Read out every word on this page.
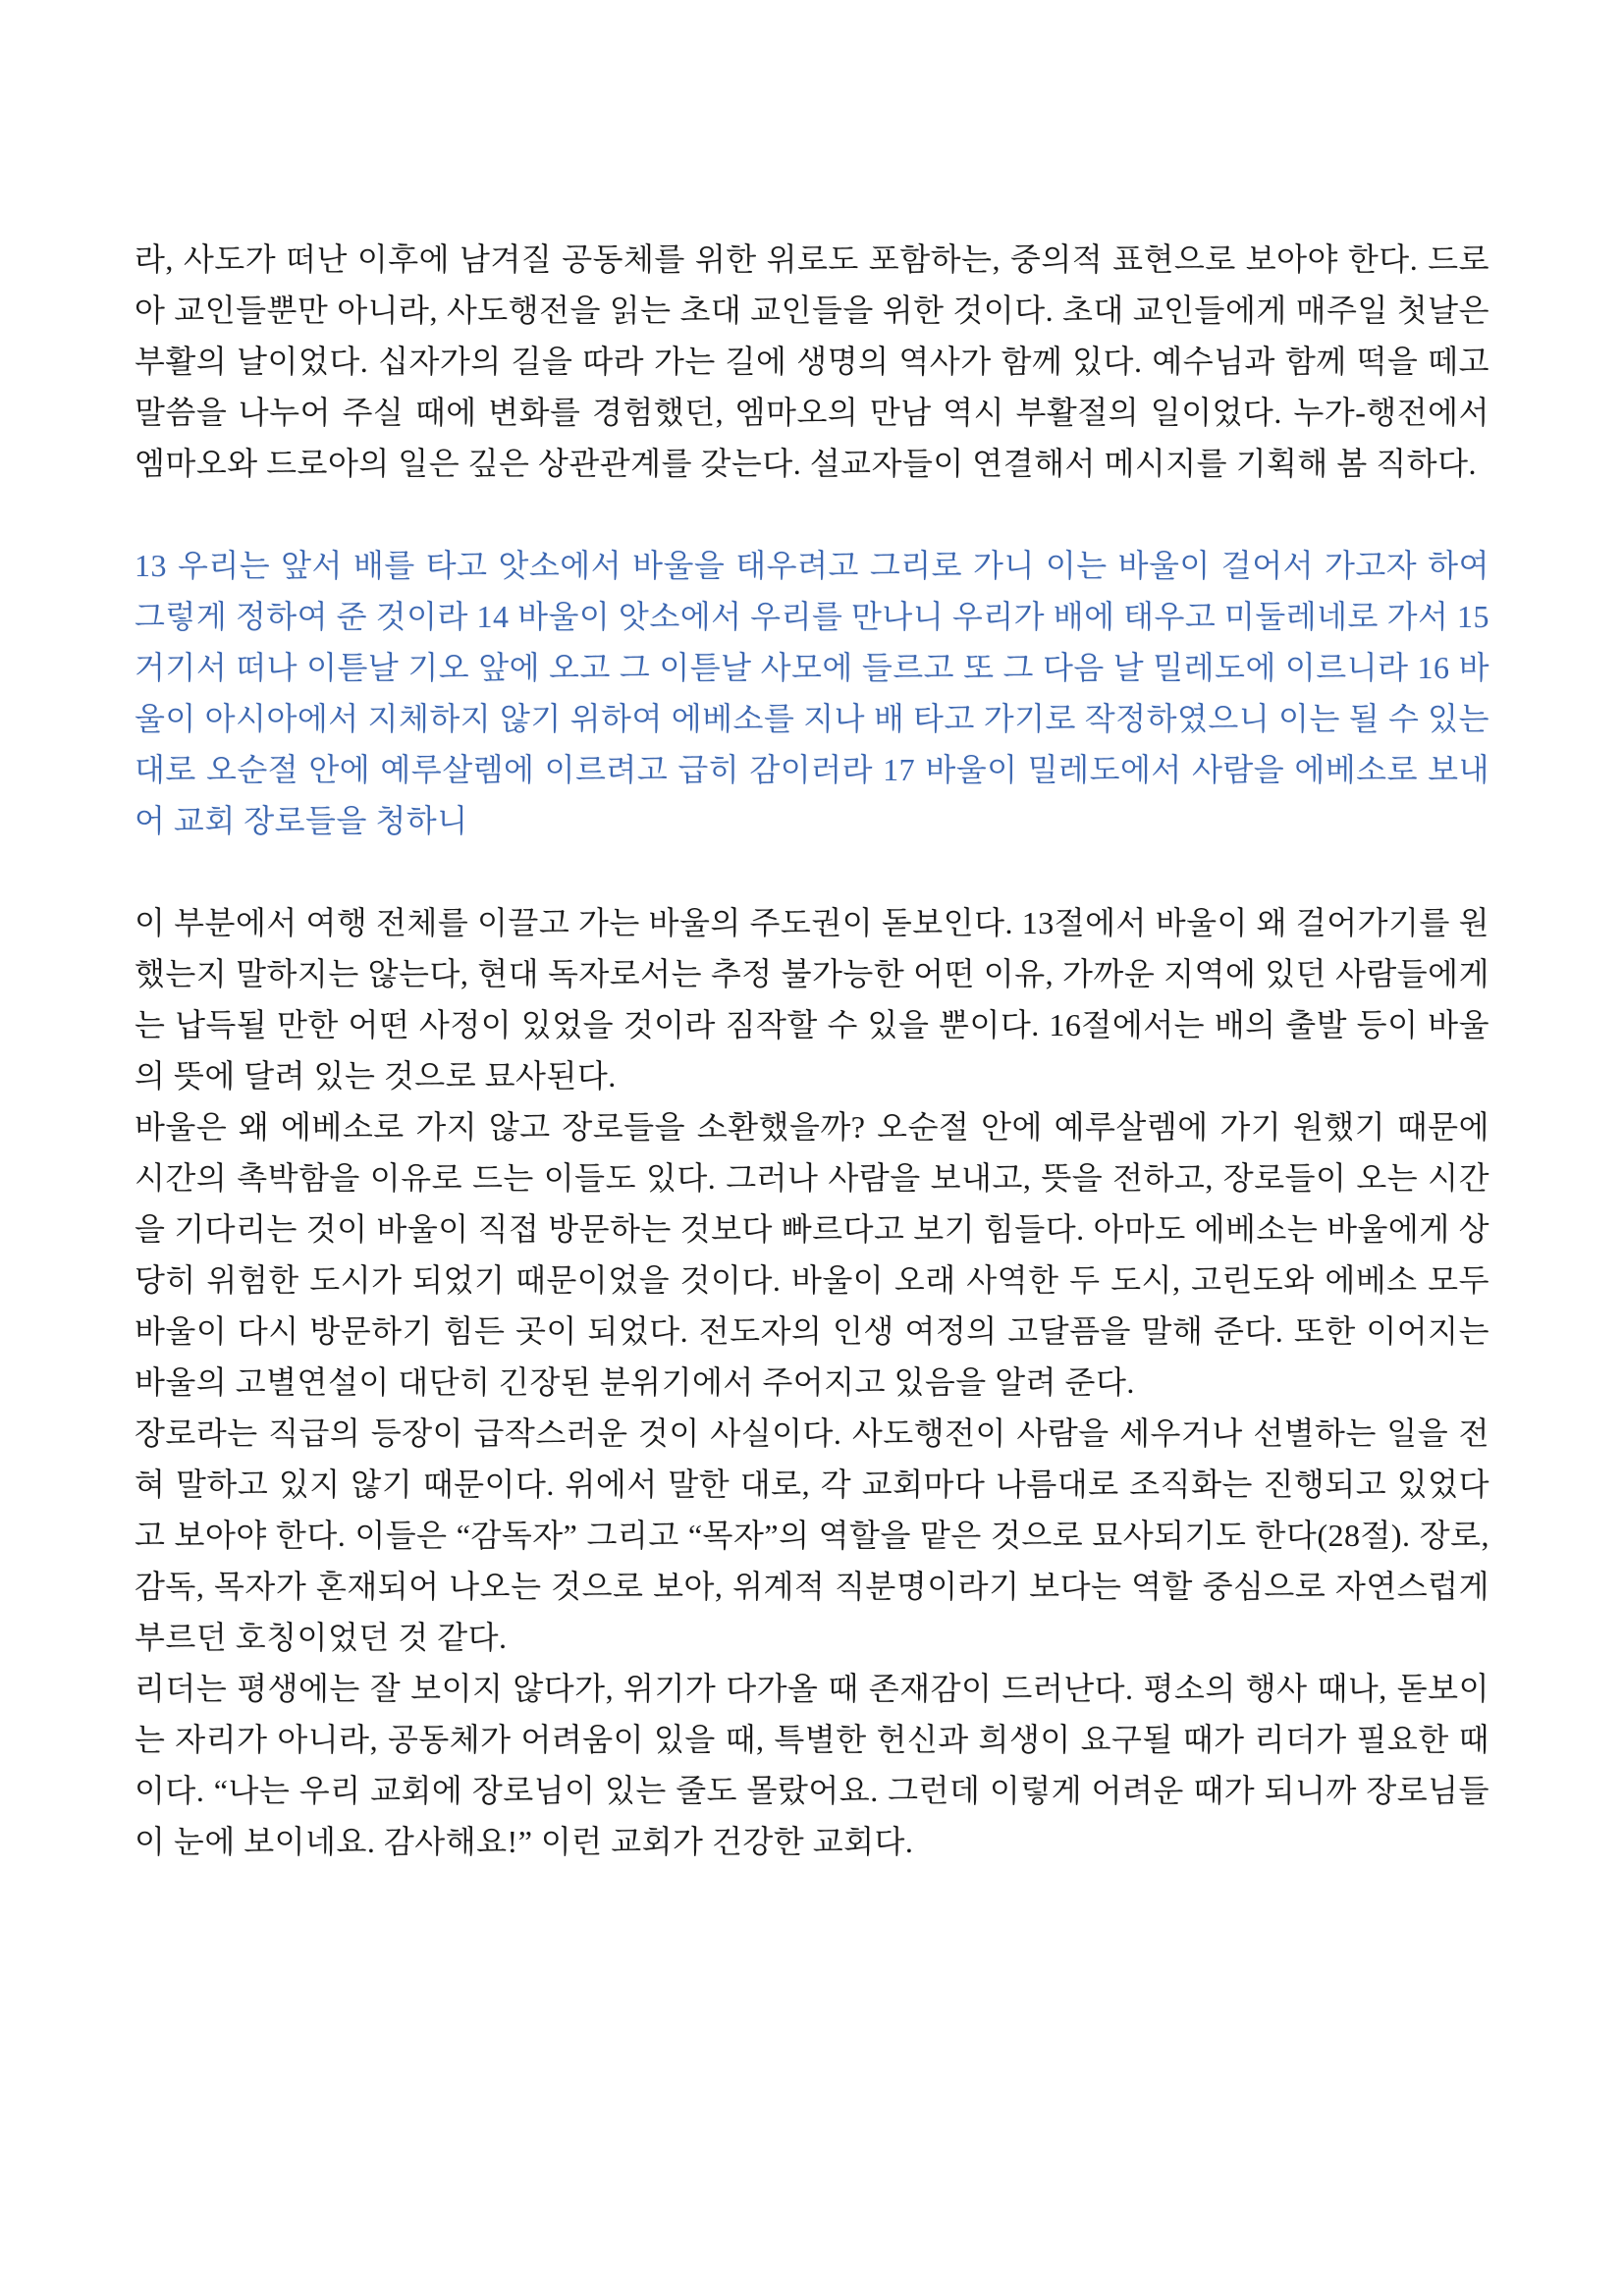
라, 사도가 떠난 이후에 남겨질 공동체를 위한 위로도 포함하는, 중의적 표현으로 보아야 한다. 드로아 교인들뿐만 아니라, 사도행전을 읽는 초대 교인들을 위한 것이다. 초대 교인들에게 매주일 첫날은 부활의 날이었다. 십자가의 길을 따라 가는 길에 생명의 역사가 함께 있다. 예수님과 함께 떡을 떼고 말씀을 나누어 주실 때에 변화를 경험했던, 엠마오의 만남 역시 부활절의 일이었다. 누가-행전에서 엠마오와 드로아의 일은 깊은 상관관계를 갖는다. 설교자들이 연결해서 메시지를 기획해 봄 직하다.

13 우리는 앞서 배를 타고 앗소에서 바울을 태우려고 그리로 가니 이는 바울이 걸어서 가고자 하여 그렇게 정하여 준 것이라 14 바울이 앗소에서 우리를 만나니 우리가 배에 태우고 미둘레네로 가서 15 거기서 떠나 이튿날 기오 앞에 오고 그 이튿날 사모에 들르고 또 그 다음 날 밀레도에 이르니라 16 바울이 아시아에서 지체하지 않기 위하여 에베소를 지나 배 타고 가기로 작정하였으니 이는 될 수 있는 대로 오순절 안에 예루살렘에 이르려고 급히 감이러라 17 바울이 밀레도에서 사람을 에베소로 보내어 교회 장로들을 청하니

이 부분에서 여행 전체를 이끌고 가는 바울의 주도권이 돋보인다. 13절에서 바울이 왜 걸어가기를 원했는지 말하지는 않는다, 현대 독자로서는 추정 불가능한 어떤 이유, 가까운 지역에 있던 사람들에게는 납득될 만한 어떤 사정이 있었을 것이라 짐작할 수 있을 뿐이다. 16절에서는 배의 출발 등이 바울의 뜻에 달려 있는 것으로 묘사된다.

바울은 왜 에베소로 가지 않고 장로들을 소환했을까? 오순절 안에 예루살렘에 가기 원했기 때문에 시간의 촉박함을 이유로 드는 이들도 있다. 그러나 사람을 보내고, 뜻을 전하고, 장로들이 오는 시간을 기다리는 것이 바울이 직접 방문하는 것보다 빠르다고 보기 힘들다. 아마도 에베소는 바울에게 상당히 위험한 도시가 되었기 때문이었을 것이다. 바울이 오래 사역한 두 도시, 고린도와 에베소 모두 바울이 다시 방문하기 힘든 곳이 되었다. 전도자의 인생 여정의 고달픔을 말해 준다. 또한 이어지는 바울의 고별연설이 대단히 긴장된 분위기에서 주어지고 있음을 알려 준다.

장로라는 직급의 등장이 급작스러운 것이 사실이다. 사도행전이 사람을 세우거나 선별하는 일을 전혀 말하고 있지 않기 때문이다. 위에서 말한 대로, 각 교회마다 나름대로 조직화는 진행되고 있었다고 보아야 한다. 이들은 “감독자” 그리고 “목자”의 역할을 맡은 것으로 묘사되기도 한다(28절). 장로, 감독, 목자가 혼재되어 나오는 것으로 보아, 위계적 직분명이라기 보다는 역할 중심으로 자연스럽게 부르던 호칭이었던 것 같다.

리더는 평생에는 잘 보이지 않다가, 위기가 다가올 때 존재감이 드러난다. 평소의 행사 때나, 돋보이는 자리가 아니라, 공동체가 어려움이 있을 때, 특별한 헌신과 희생이 요구될 때가 리더가 필요한 때이다. “나는 우리 교회에 장로님이 있는 줄도 몰랐어요. 그런데 이렇게 어려운 때가 되니까 장로님들이 눈에 보이네요. 감사해요!” 이런 교회가 건강한 교회다.
